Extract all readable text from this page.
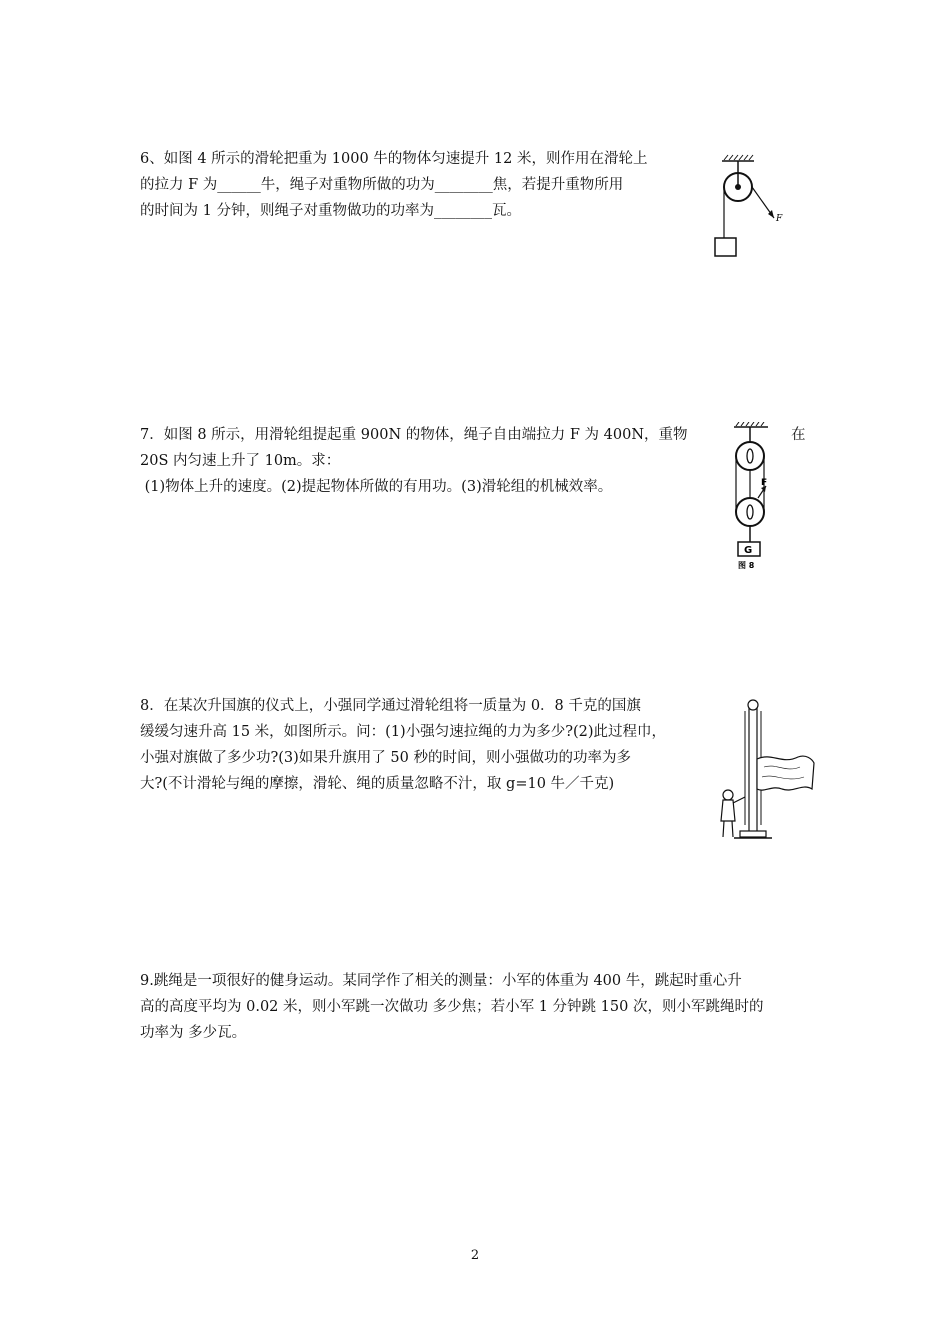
6、如图 4 所示的滑轮把重为 1000 牛的物体匀速提升 12 米，则作用在滑轮上

的拉力 F 为______牛，绳子对重物所做的功为________焦，若提升重物所用

的时间为 1 分钟，则绳子对重物做功的功率为________瓦。	F

7．如图 8 所示，用滑轮组提起重 900N 的物体，绳子自由端拉力 F 为 400N，重物	在

20S 内匀速上升了 10m。求：

(1)物体上升的速度。(2)提起物体所做的有用功。(3)滑轮组的机械效率。	F
G
图 8

8．在某次升国旗的仪式上，小强同学通过滑轮组将一质量为 0．8 千克的国旗

缓缓匀速升高 15 米，如图所示。问：(1)小强匀速拉绳的力为多少?(2)此过程巾，

小强对旗做了多少功?(3)如果升旗用了 50 秒的时间，则小强做功的功率为多

大?(不计滑轮与绳的摩擦，滑轮、绳的质量忽略不汁，取 g=10 牛／千克)

9.跳绳是一项很好的健身运动。某同学作了相关的测量：小军的体重为 400 牛，跳起时重心升

高的高度平均为 0.02 米，则小军跳一次做功 多少焦；若小军 1 分钟跳 150 次，则小军跳绳时的

功率为 多少瓦。

2
